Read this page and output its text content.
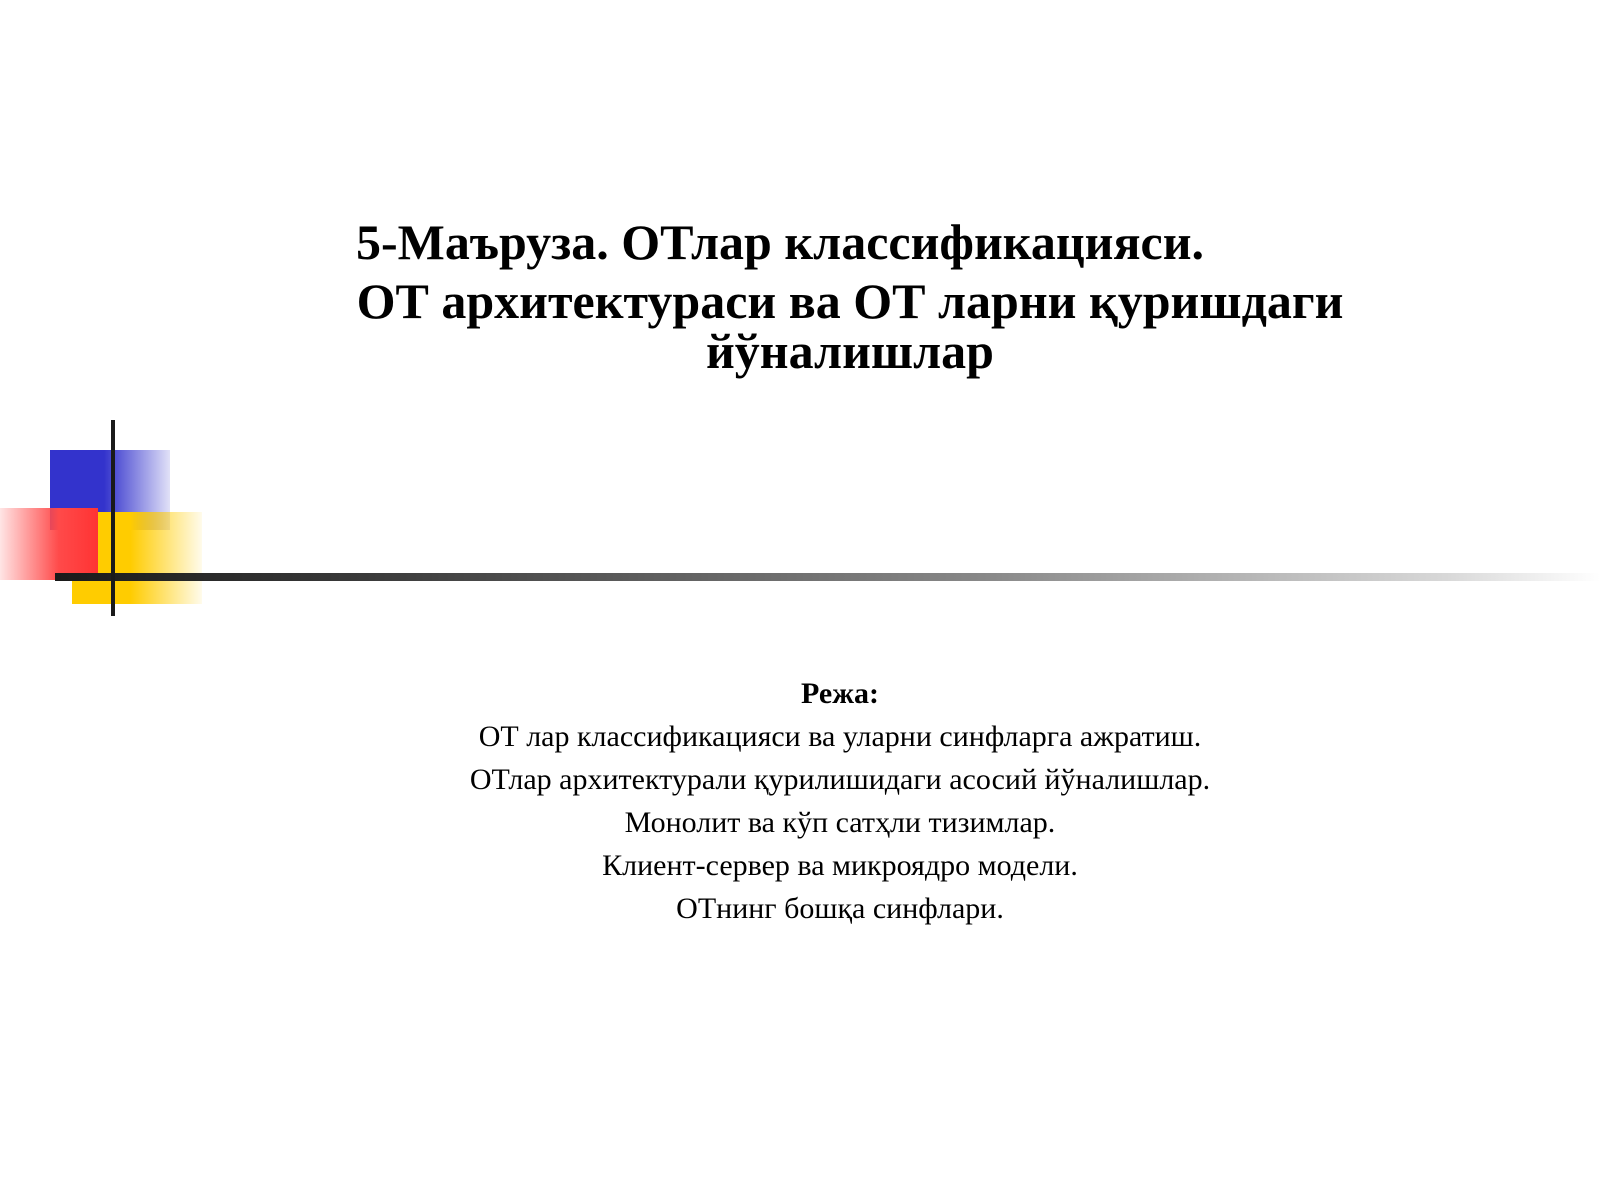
5-Маъруза. ОТлар классификацияси.
ОТ архитектураси ва ОТ ларни қуришдаги йўналишлар
Режа:
ОТ лар классификацияси ва уларни синфларга ажратиш.
ОТлар архитектурали қурилишидаги асосий йўналишлар.
Монолит ва кўп сатҳли тизимлар.
Клиент-сервер ва микроядро модели.
ОТнинг бошқа синфлари.
